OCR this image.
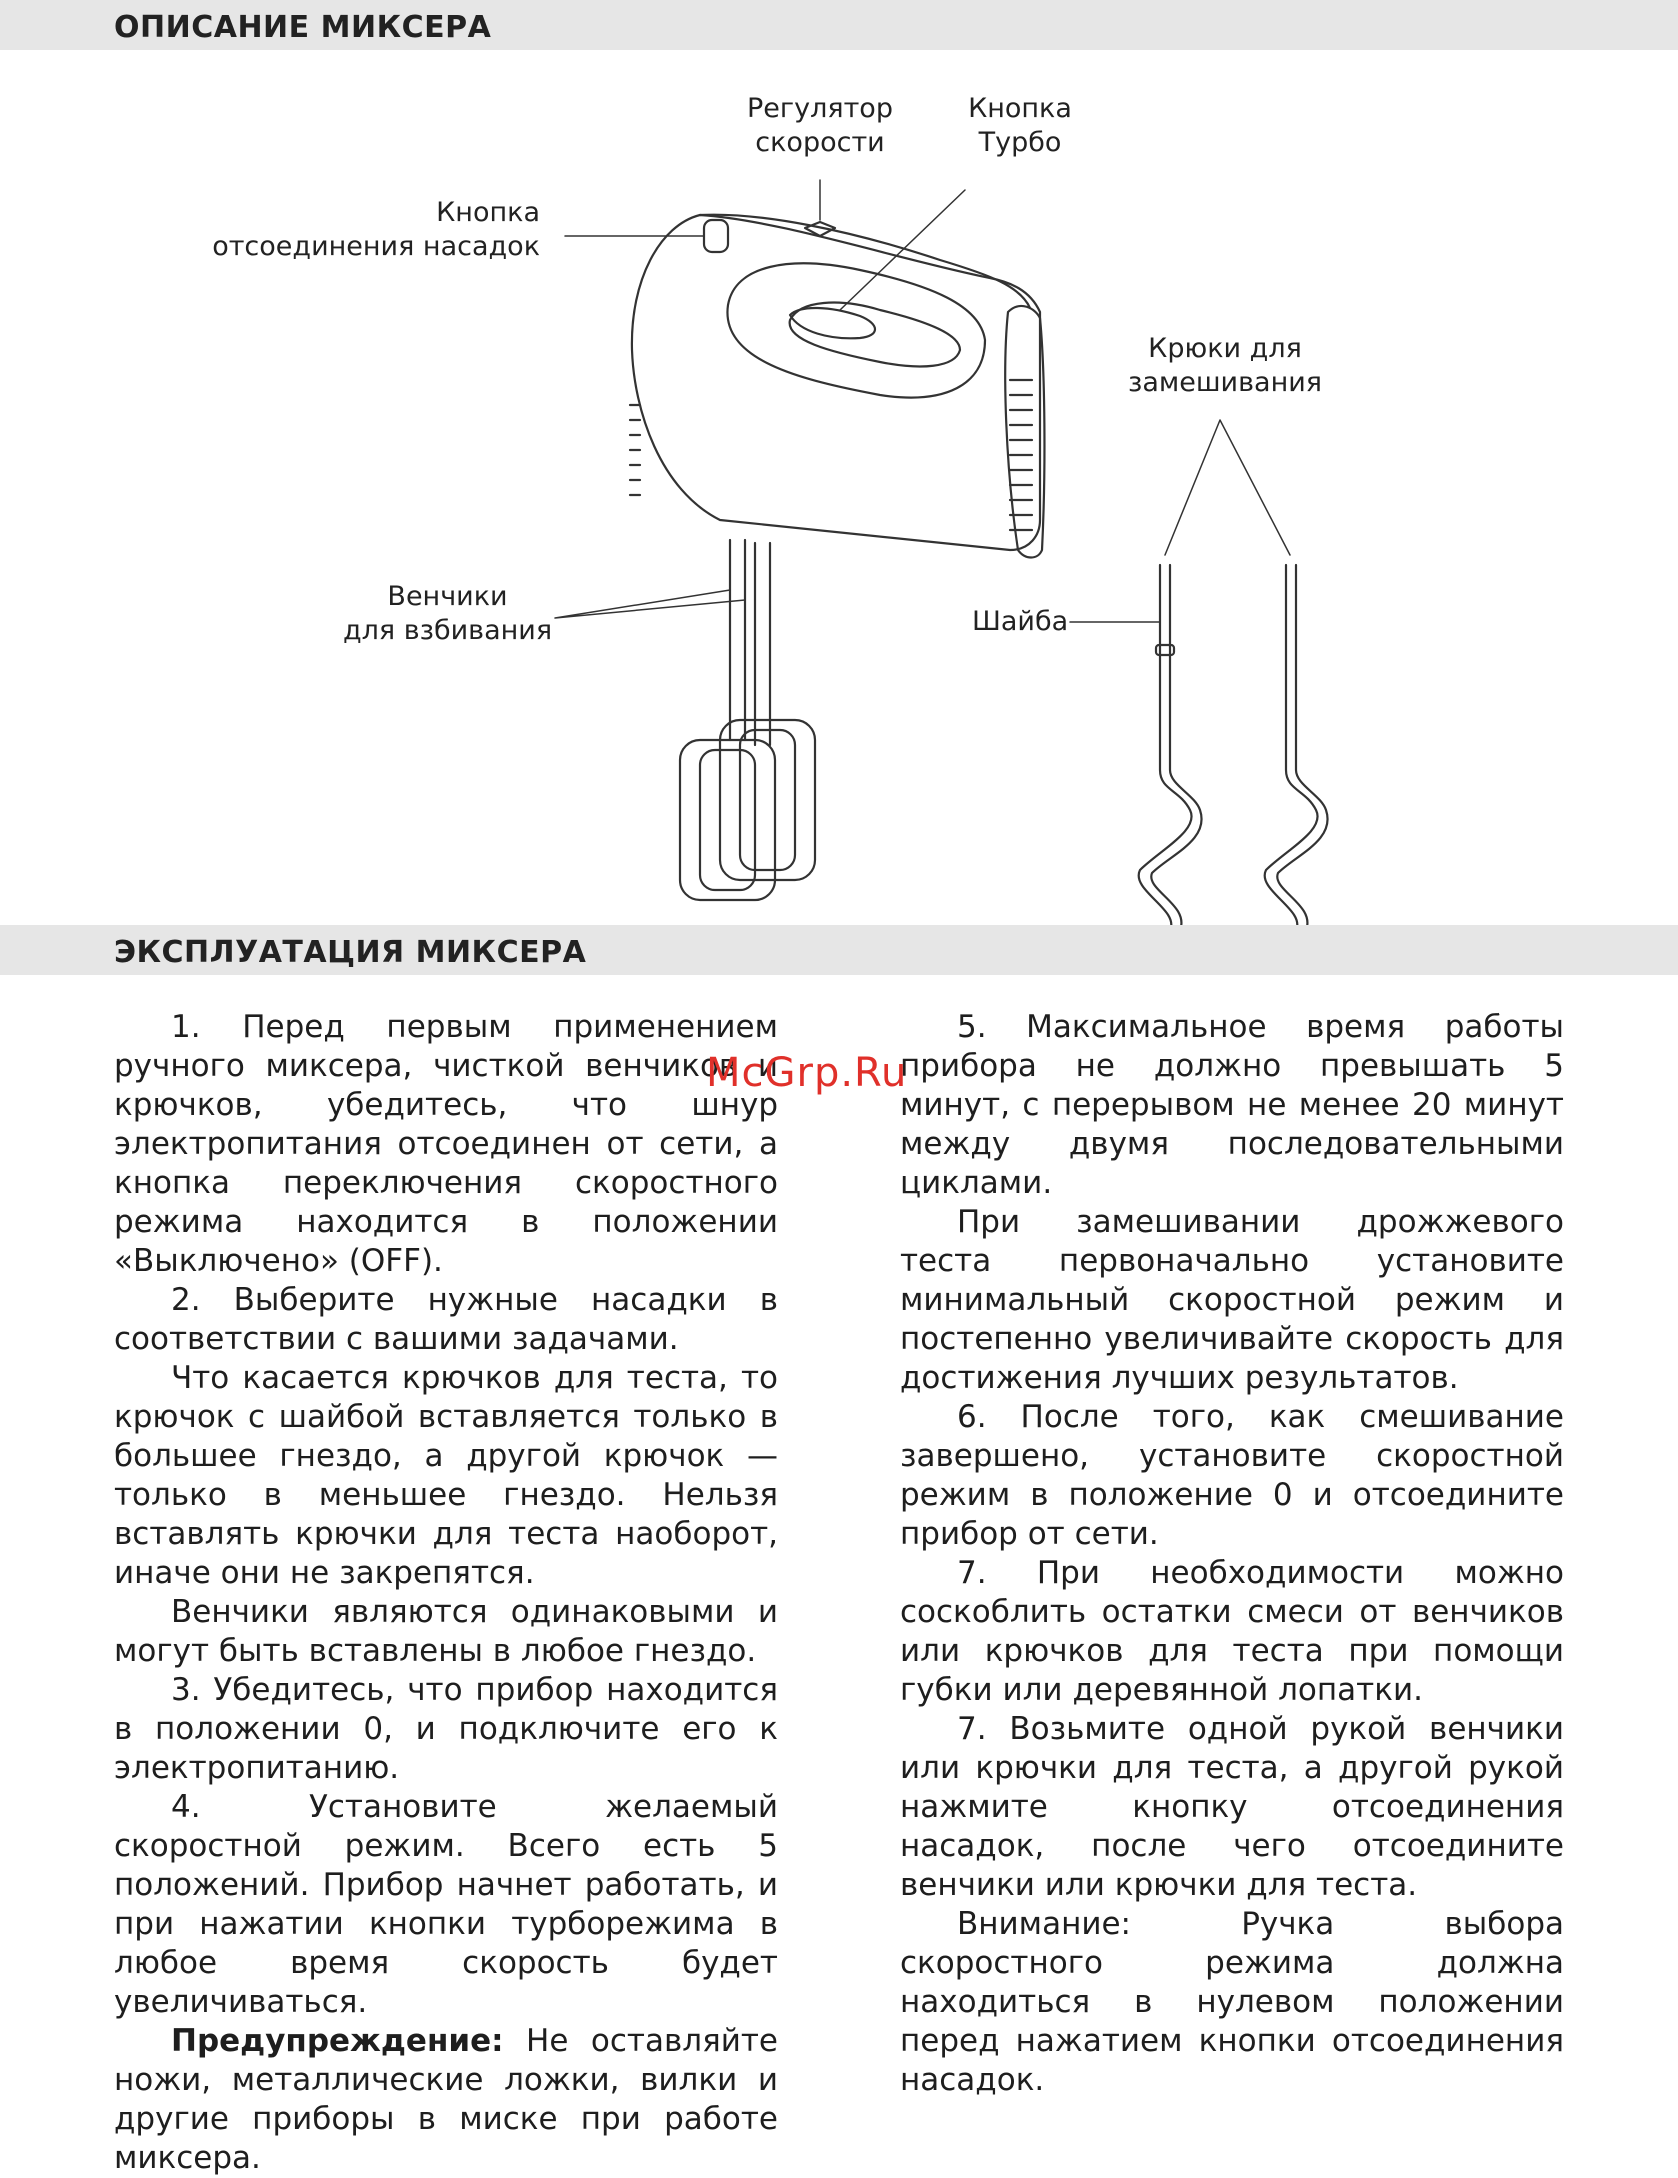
ОПИСАНИЕ МИКСЕРА
Регулятор
скорости
Кнопка
Турбо
Кнопка
отсоединения насадок
Крюки для
замешивания
Венчики
для взбивания	Шайба
ЭКСПЛУАТАЦИЯ МИКСЕРА

1. Перед первым применением ручного миксера, чисткой венчиков и крючков, убедитесь, что шнур электропитания отсоединен от сети, а кнопка переключения скоростного режима находится в положении «Выключено» (OFF).

2. Выберите нужные насадки в соответствии с вашими задачами.

Что касается крючков для теста, то крючок с шайбой вставляется только в большее гнездо, а другой крючок — только в меньшее гнездо. Нельзя вставлять крючки для теста наоборот, иначе они не закрепятся.

Венчики являются одинаковыми и могут быть вставлены в любое гнездо.

3. Убедитесь, что прибор находится в положении 0, и подключите его к электропитанию.

4. Установите желаемый скоростной режим. Всего есть 5 положений. Прибор начнет работать, и при нажатии кнопки турборежима в любое время скорость будет увеличиваться.

Предупреждение: Не оставляйте ножи, металлические ложки, вилки и другие приборы в миске при работе миксера.

5. Максимальное время работы прибора не должно превышать 5 минут, с перерывом не менее 20 минут между двумя последовательными циклами.

При замешивании дрожжевого теста первоначально установите минимальный скоростной режим и постепенно увеличивайте скорость для достижения лучших результатов.

6. После того, как смешивание завершено, установите скоростной режим в положение 0 и отсоедините прибор от сети.

7. При необходимости можно соскоблить остатки смеси от венчиков или крючков для теста при помощи губки или деревянной лопатки.

7. Возьмите одной рукой венчики или крючки для теста, а другой рукой нажмите кнопку отсоединения насадок, после чего отсоедините венчики или крючки для теста.

Внимание: Ручка выбора скоростного режима должна находиться в нулевом положении перед нажатием кнопки отсоединения насадок.

McGrp.Ru
